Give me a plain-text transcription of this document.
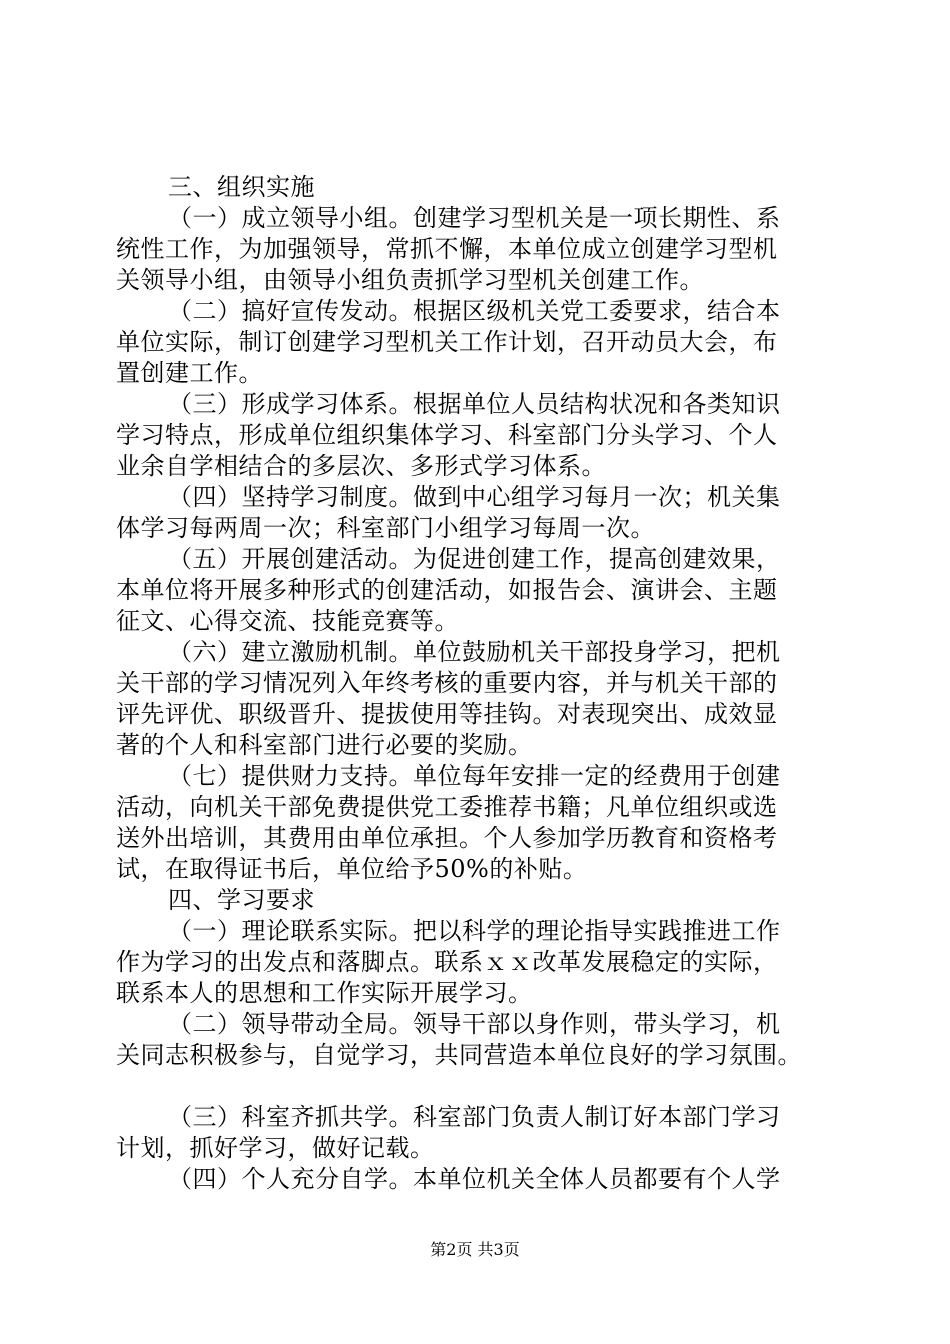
三、组织实施
（一）成立领导小组。创建学习型机关是一项长期性、系
统性工作，为加强领导，常抓不懈，本单位成立创建学习型机
关领导小组，由领导小组负责抓学习型机关创建工作。
（二）搞好宣传发动。根据区级机关党工委要求，结合本
单位实际，制订创建学习型机关工作计划，召开动员大会，布
置创建工作。
（三）形成学习体系。根据单位人员结构状况和各类知识
学习特点，形成单位组织集体学习、科室部门分头学习、个人
业余自学相结合的多层次、多形式学习体系。
（四）坚持学习制度。做到中心组学习每月一次；机关集
体学习每两周一次；科室部门小组学习每周一次。
（五）开展创建活动。为促进创建工作，提高创建效果，
本单位将开展多种形式的创建活动，如报告会、演讲会、主题
征文、心得交流、技能竞赛等。
（六）建立激励机制。单位鼓励机关干部投身学习，把机
关干部的学习情况列入年终考核的重要内容，并与机关干部的
评先评优、职级晋升、提拔使用等挂钩。对表现突出、成效显
著的个人和科室部门进行必要的奖励。
（七）提供财力支持。单位每年安排一定的经费用于创建
活动，向机关干部免费提供党工委推荐书籍；凡单位组织或选
送外出培训，其费用由单位承担。个人参加学历教育和资格考
试，在取得证书后，单位给予50%的补贴。
四、学习要求
（一）理论联系实际。把以科学的理论指导实践推进工作
作为学习的出发点和落脚点。联系ｘｘ改革发展稳定的实际，
联系本人的思想和工作实际开展学习。
（二）领导带动全局。领导干部以身作则，带头学习，机
关同志积极参与，自觉学习，共同营造本单位良好的学习氛围。
（三）科室齐抓共学。科室部门负责人制订好本部门学习
计划，抓好学习，做好记载。
（四）个人充分自学。本单位机关全体人员都要有个人学
第2页 共3页
